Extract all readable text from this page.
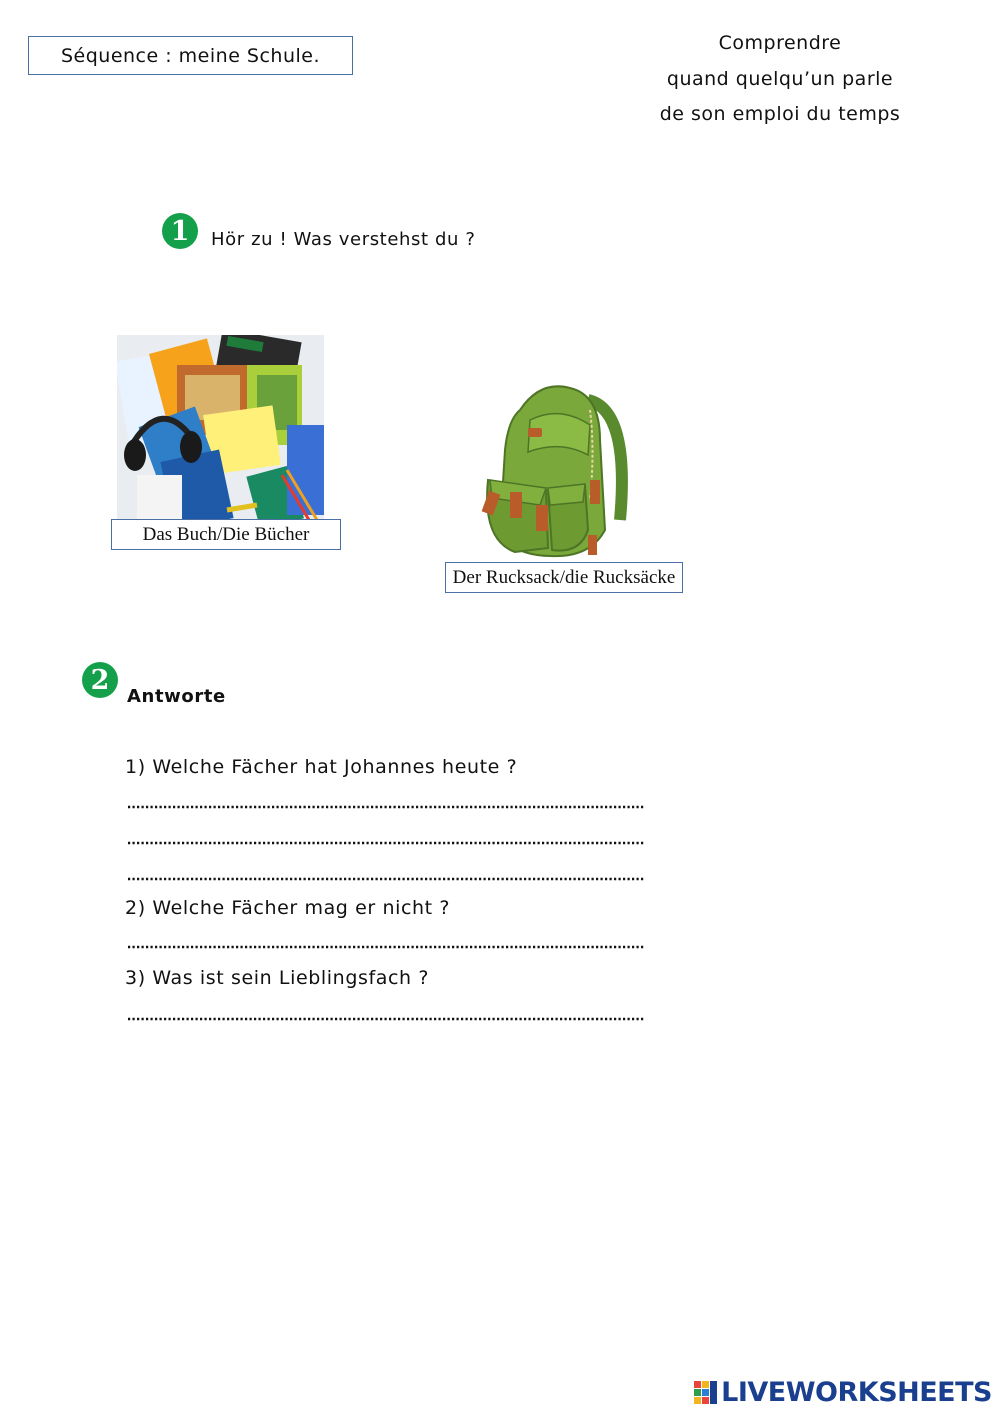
Séquence : meine Schule.
Comprendre
quand quelqu’un parle
de son emploi du temps
1 Hör zu ! Was verstehst du ?
Das Buch/Die Bücher
Der Rucksack/die Rucksäcke
2
Antworte
1) Welche Fächer hat Johannes heute ?
2) Welche Fächer mag er nicht ?
3) Was ist sein Lieblingsfach ?
LIVEWORKSHEETS
